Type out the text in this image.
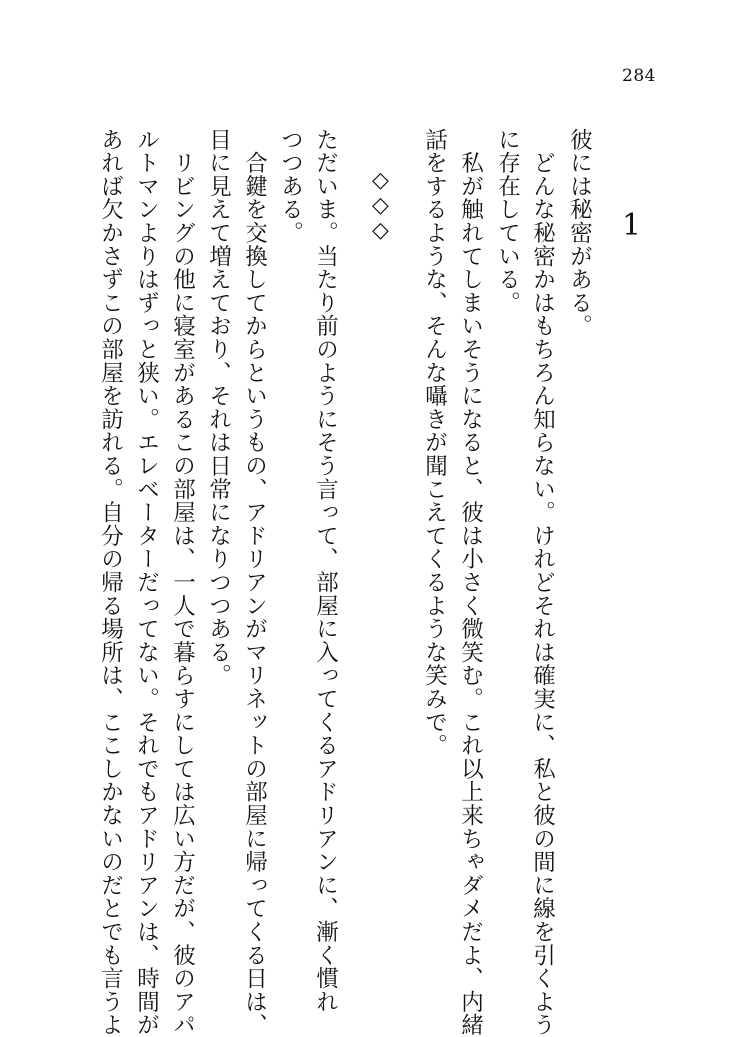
284
1
彼には秘密がある。
　どんな秘密かはもちろん知らない。けれどそれは確実に、私と彼の間に線を引くよう
に存在している。
　私が触れてしまいそうになると、彼は小さく微笑む。これ以上来ちゃダメだよ、内緒
話をするような、そんな囁きが聞こえてくるような笑みで。
◇◇◇
ただいま。当たり前のようにそう言って、部屋に入ってくるアドリアンに、漸く慣れ
つつある。
　合鍵を交換してからというもの、アドリアンがマリネットの部屋に帰ってくる日は、
目に見えて増えており、それは日常になりつつある。
　リビングの他に寝室があるこの部屋は、一人で暮らすにしては広い方だが、彼のアパ
ルトマンよりはずっと狭い。エレベーターだってない。それでもアドリアンは、時間が
あれば欠かさずこの部屋を訪れる。自分の帰る場所は、ここしかないのだとでも言うよ
